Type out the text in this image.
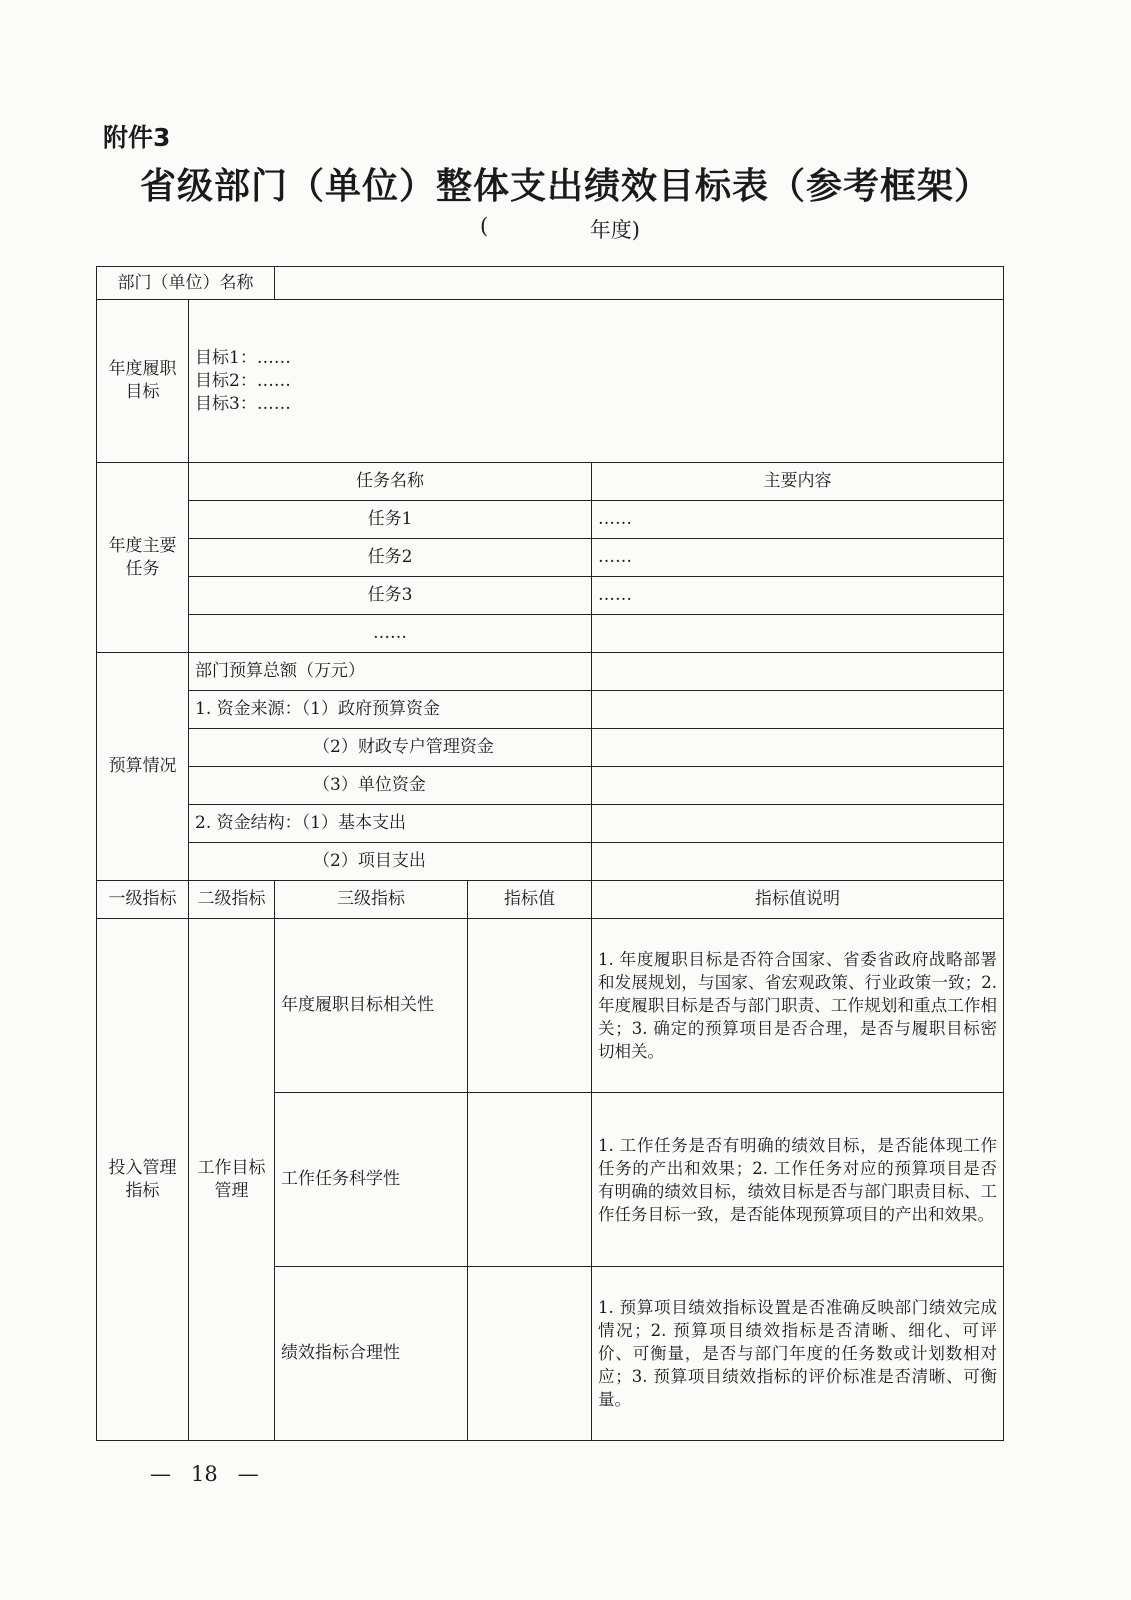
附件3
省级部门（单位）整体支出绩效目标表（参考框架）
(	年度)
部门（单位）名称				
年度履职目标	目标1：……
目标2：……
目标3：……			

年度主要任务	任务名称			主要内容
	任务1			……
	任务2			……
	任务3			……
	……			
预算情况	部门预算总额（万元）			
	1. 资金来源：（1）政府预算资金			
	（2）财政专户管理资金			
	（3）单位资金			
	2. 资金结构：（1）基本支出			
	（2）项目支出			
一级指标	二级指标	三级指标	指标值	指标值说明
投入管理指标	工作目标管理	年度履职目标相关性		1. 年度履职目标是否符合国家、省委省政府战略部署和发展规划，与国家、省宏观政策、行业政策一致；2. 年度履职目标是否与部门职责、工作规划和重点工作相关；3. 确定的预算项目是否合理，是否与履职目标密切相关。
		工作任务科学性		1. 工作任务是否有明确的绩效目标，是否能体现工作任务的产出和效果；2. 工作任务对应的预算项目是否有明确的绩效目标，绩效目标是否与部门职责目标、工作任务目标一致，是否能体现预算项目的产出和效果。
		绩效指标合理性		1. 预算项目绩效指标设置是否准确反映部门绩效完成情况；2. 预算项目绩效指标是否清晰、细化、可评价、可衡量，是否与部门年度的任务数或计划数相对应；3. 预算项目绩效指标的评价标准是否清晰、可衡量。
— 18 —
